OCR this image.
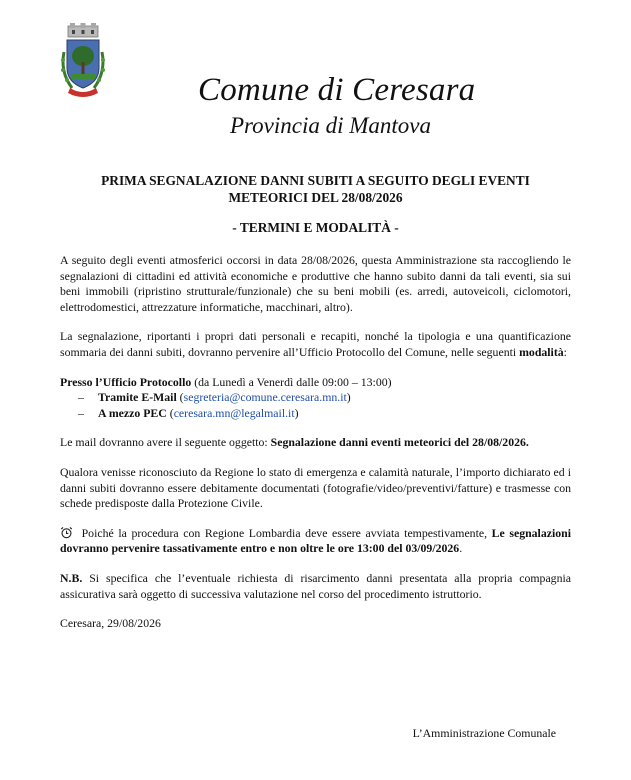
Comune di Ceresara
Provincia di Mantova
PRIMA SEGNALAZIONE DANNI SUBITI A SEGUITO DEGLI EVENTI
METEORICI DEL 28/08/2026
- TERMINI E MODALITÀ -

A seguito degli eventi atmosferici occorsi in data 28/08/2026, questa Amministrazione sta raccogliendo le segnalazioni di cittadini ed attività economiche e produttive che hanno subito danni da tali eventi, sia sui beni immobili (ripristino strutturale/funzionale) che su beni mobili (es. arredi, autoveicoli, ciclomotori, elettrodomestici, attrezzature informatiche, macchinari, altro).

La segnalazione, riportanti i propri dati personali e recapiti, nonché la tipologia e una quantificazione sommaria dei danni subiti, dovranno pervenire all’Ufficio Protocollo del Comune, nelle seguenti modalità:

Presso l’Ufficio Protocollo (da Lunedì a Venerdì dalle 09:00 – 13:00)

– Tramite E-Mail (segreteria@comune.ceresara.mn.it)
– A mezzo PEC (ceresara.mn@legalmail.it)

Le mail dovranno avere il seguente oggetto: Segnalazione danni eventi meteorici del 28/08/2026.

Qualora venisse riconosciuto da Regione lo stato di emergenza e calamità naturale, l’importo dichiarato ed i danni subiti dovranno essere debitamente documentati (fotografie/video/preventivi/fatture) e trasmesse con schede predisposte dalla Protezione Civile.

Poiché la procedura con Regione Lombardia deve essere avviata tempestivamente, Le segnalazioni dovranno pervenire tassativamente entro e non oltre le ore 13:00 del 03/09/2026.

N.B. Si specifica che l’eventuale richiesta di risarcimento danni presentata alla propria compagnia assicurativa sarà oggetto di successiva valutazione nel corso del procedimento istruttorio.

Ceresara, 29/08/2026

L’Amministrazione Comunale
